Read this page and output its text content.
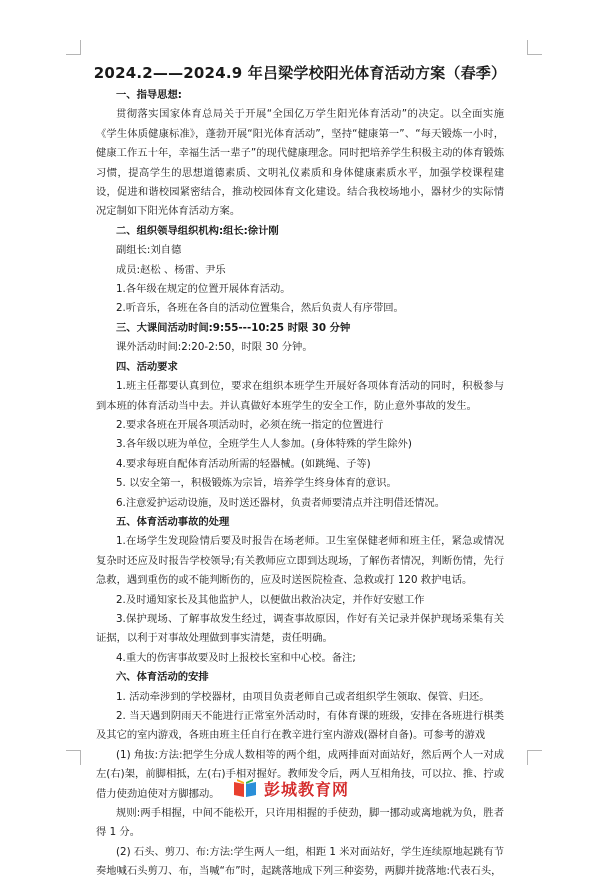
2024.2——2024.9 年吕梁学校阳光体育活动方案（春季）

一、指导思想:

贯彻落实国家体育总局关于开展“全国亿万学生阳光体育活动”的决定。以全面实施《学生体质健康标准》，蓬勃开展“阳光体育活动”，坚持“健康第一”、“每天锻炼一小时，健康工作五十年，幸福生活一辈子”的现代健康理念。同时把培养学生积极主动的体育锻炼习惯，提高学生的思想道德素质、文明礼仪素质和身体健康素质水平，加强学校课程建设，促进和谐校园紧密结合，推动校园体育文化建设。结合我校场地小，器材少的实际情况定制如下阳光体育活动方案。

二、组织领导组织机构:组长:徐计刚

副组长:刘自德

成员:赵松 、杨雷、尹乐

1.各年级在规定的位置开展体育活动。

2.听音乐，各班在各自的活动位置集合，然后负责人有序带回。

三、大课间活动时间:9:55---10:25 时限 30 分钟

课外活动时间:2:20-2:50，时限 30 分钟。

四、活动要求

1.班主任都要认真到位，要求在组织本班学生开展好各项体育活动的同时，积极参与到本班的体育活动当中去。并认真做好本班学生的安全工作，防止意外事故的发生。

2.要求各班在开展各项活动时，必须在统一指定的位置进行

3.各年级以班为单位，全班学生人人参加。(身体特殊的学生除外)

4.要求每班自配体育活动所需的轻器械。(如跳绳、子等)

5. 以安全第一，积极锻炼为宗旨，培养学生终身体育的意识。

6.注意爱护运动设施，及时送还器材，负责者师要清点并注明借还情况。

五、体育活动事故的处理

1.在场学生发现险情后要及时报告在场老师。卫生室保健老师和班主任，紧急或情况复杂时还应及时报告学校领导;有关教师应立即到达现场，了解伤者情况，判断伤情，先行急救，遇到重伤的或不能判断伤的，应及时送医院检查、急救或打 120 救护电话。

2.及时通知家长及其他监护人，以便做出救治决定，并作好安慰工作

3.保护现场、了解事故发生经过，调查事故原因，作好有关记录并保护现场采集有关证据，以利于对事故处理做到事实清楚，责任明确。

4.重大的伤害事故要及时上报校长室和中心校。备注;

六、体育活动的安排

1. 活动牵涉到的学校器材，由项目负责老师自己或者组织学生领取、保管、归还。

2. 当天遇到阴雨天不能进行正常室外活动时，有体育课的班级，安排在各班进行棋类及其它的室内游戏，各班由班主任自行在教辛进行室内游戏(器材自备)。可参考的游戏

(1) 角抜:方法:把学生分成人数相等的两个组，成两排面对面站好，然后两个人一对成左(右)架，前脚相抵，左(右)手相对握好。教师发令后，两人互相角技，可以拉、推、拧或借力使劲迫使对方脚挪动。

规则:两手相握，中间不能松开，只许用相握的手使劲，脚一挪动或离地就为负，胜者得 1 分。

(2) 石头、剪刀、布:方法:学生两人一组，相距 1 米对面站好，学生连续原地起跳有节奏地喊石头剪刀、布，当喊“布”时，起跳落地成下列三种姿势，两脚并拢落地:代表石头，

彭城教育网
